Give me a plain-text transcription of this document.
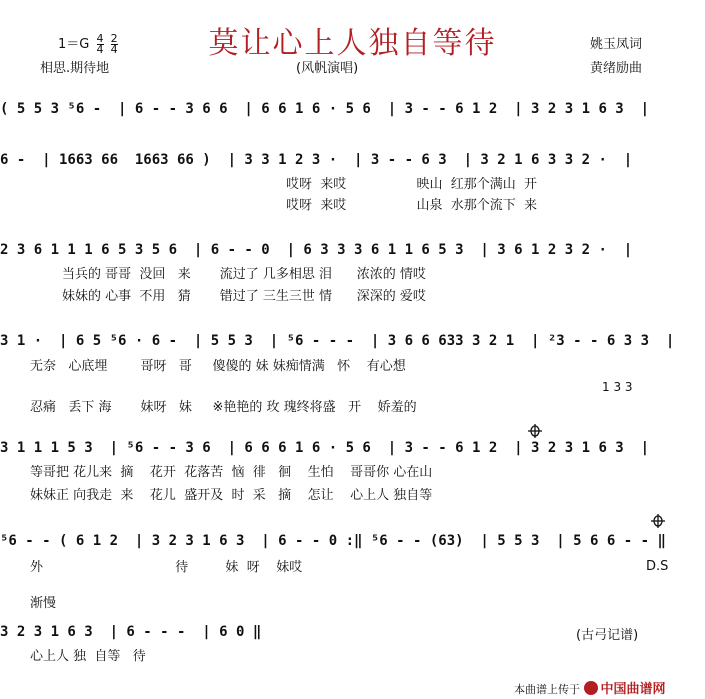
莫让心上人独自等待
$1=G \frac{4}{4}$
$\frac{2}{4}$	姚玉凤词
相思.期待地	(风帆演唱)	黄绪励曲
( 5 5 3 ⁵6 -  | 6 - - 3 6 6  | 6 6 1 6 · 5 6  | 3 - - 6 1 2  | 3 2 3 1 6 3  |
6 -  | 1663 66  1663 66 )  | 3 3 1 2 3 ·  | 3 - - 6 3  | 3 2 1 6 3 3 2 ·  |
哎呀  来哎                 映山  红那个满山  开
哎呀  来哎                 山泉  水那个流下  来
2 3 6 1 1 1 6 5 3 5 6  | 6 - - 0  | 6 3 3 3 6 1 1 6 5 3  | 3 6 1 2 3 2 ·  |
当兵的 哥哥  没回   来       流过了 几多相思 泪      浓浓的 情哎
妹妹的 心事  不用   猜       错过了 三生三世 情      深深的 爱哎
3 1 ·  | 6 5 ⁵6 · 6 -  | 5 5 3  | ⁵6 - - -  | 3 6 6 633 3 2 1  | ²3 - - 6 3 3  |
无奈   心底埋        哥呀   哥     傻傻的 妹 妹痴情满   怀    有心想
1 3 3
忍痛   丢下 海       妹呀   妹     ※艳艳的 玫 瑰终将盛   开    娇羞的
3 1 1 1 5 3  | ⁵6 - - 3 6  | 6 6 6 1 6 · 5 6  | 3 - - 6 1 2  | 3 2 3 1 6 3  |
等哥把 花儿来  摘    花开  花落苦  恼  徘   徊    生怕    哥哥你 心在山
妹妹正 向我走  来    花儿  盛开及  时  采   摘    怎让    心上人 独自等
⁵6 - - ( 6 1 2  | 3 2 3 1 6 3  | 6 - - 0 :‖ ⁵6 - - (63)  | 5 5 3  | 5 6 6 - - ‖
外                                待         妹  呀    妹哎	D.S
渐慢
3 2 3 1 6 3  | 6 - - -  | 6 0 ‖
心上人 独  自等   待
(古弓记谱)
本曲谱上传于 中国曲谱网
